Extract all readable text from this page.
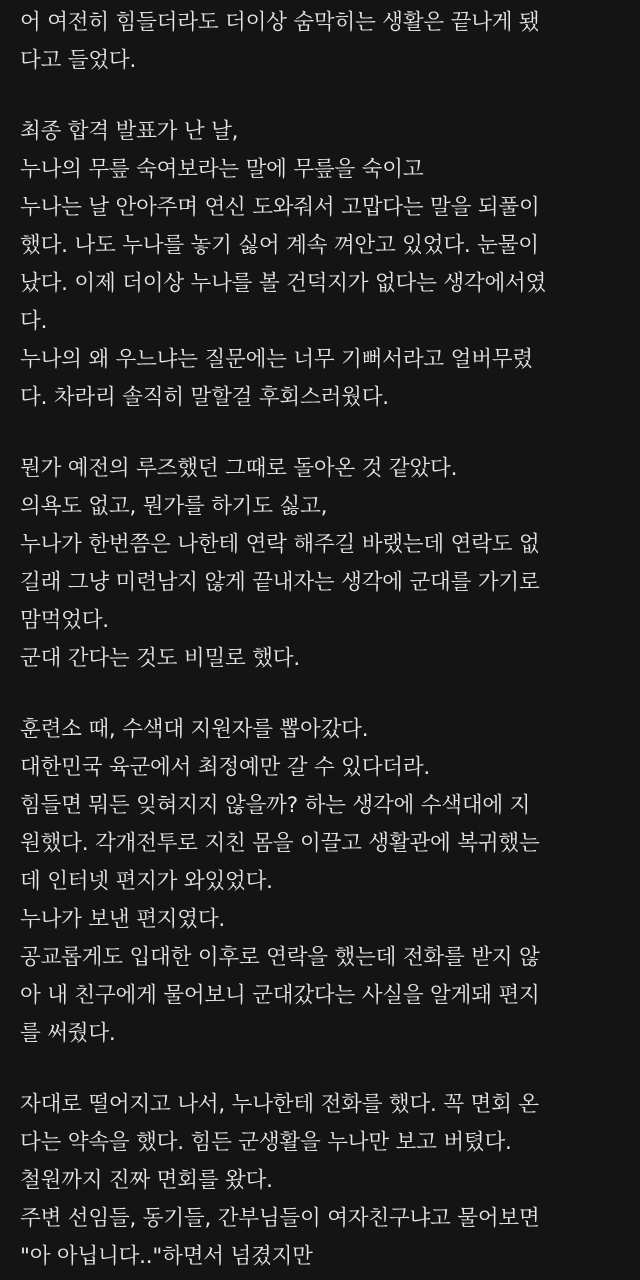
어 여전히 힘들더라도 더이상 숨막히는 생활은 끝나게 됐
다고 들었다.
최종 합격 발표가 난 날,
누나의 무릎 숙여보라는 말에 무릎을 숙이고
누나는 날 안아주며 연신 도와줘서 고맙다는 말을 되풀이
했다. 나도 누나를 놓기 싫어 계속 껴안고 있었다. 눈물이
났다. 이제 더이상 누나를 볼 건덕지가 없다는 생각에서였
다.
누나의 왜 우느냐는 질문에는 너무 기뻐서라고 얼버무렸
다. 차라리 솔직히 말할걸 후회스러웠다.
뭔가 예전의 루즈했던 그때로 돌아온 것 같았다.
의욕도 없고, 뭔가를 하기도 싫고,
누나가 한번쯤은 나한테 연락 해주길 바랬는데 연락도 없
길래 그냥 미련남지 않게 끝내자는 생각에 군대를 가기로
맘먹었다.
군대 간다는 것도 비밀로 했다.
훈련소 때, 수색대 지원자를 뽑아갔다.
대한민국 육군에서 최정예만 갈 수 있다더라.
힘들면 뭐든 잊혀지지 않을까? 하는 생각에 수색대에 지
원했다. 각개전투로 지친 몸을 이끌고 생활관에 복귀했는
데 인터넷 편지가 와있었다.
누나가 보낸 편지였다.
공교롭게도 입대한 이후로 연락을 했는데 전화를 받지 않
아 내 친구에게 물어보니 군대갔다는 사실을 알게돼 편지
를 써줬다.
자대로 떨어지고 나서, 누나한테 전화를 했다. 꼭 면회 온
다는 약속을 했다. 힘든 군생활을 누나만 보고 버텼다.
철원까지 진짜 면회를 왔다.
주변 선임들, 동기들, 간부님들이 여자친구냐고 물어보면
"아 아닙니다.."하면서 넘겼지만
